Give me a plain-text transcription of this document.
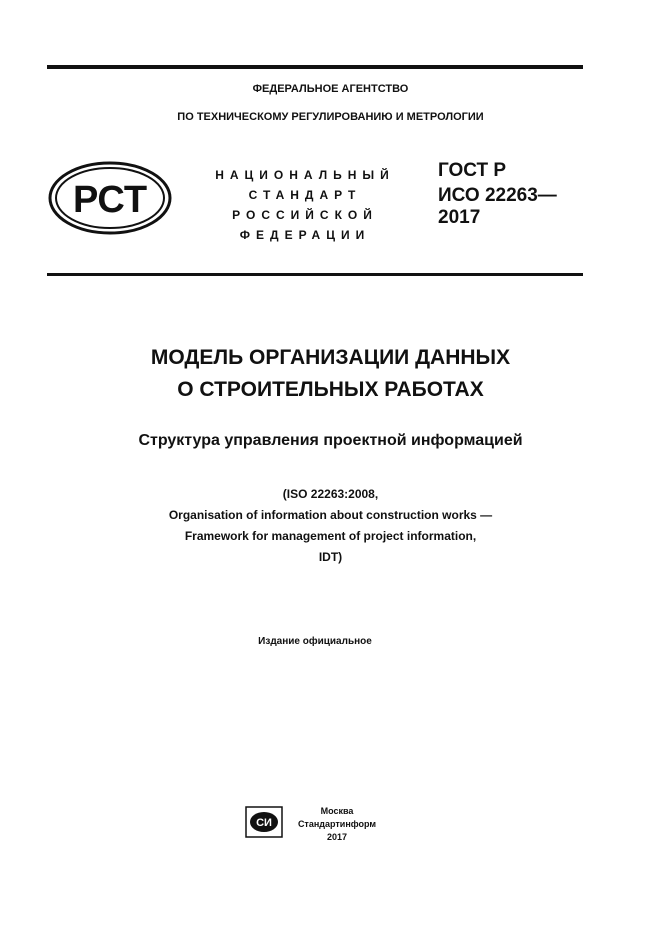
ФЕДЕРАЛЬНОЕ АГЕНТСТВО
ПО ТЕХНИЧЕСКОМУ РЕГУЛИРОВАНИЮ И МЕТРОЛОГИИ
РСТ
НАЦИОНАЛЬНЫЙ
СТАНДАРТ
РОССИЙСКОЙ
ФЕДЕРАЦИИ
ГОСТ Р
ИСО 22263—
2017
МОДЕЛЬ ОРГАНИЗАЦИИ ДАННЫХ
О СТРОИТЕЛЬНЫХ РАБОТАХ
Структура управления проектной информацией
(ISO 22263:2008,
Organisation of information about construction works —
Framework for management of project information,
IDT)
Издание официальное
СИ
Москва
Стандартинформ
2017
